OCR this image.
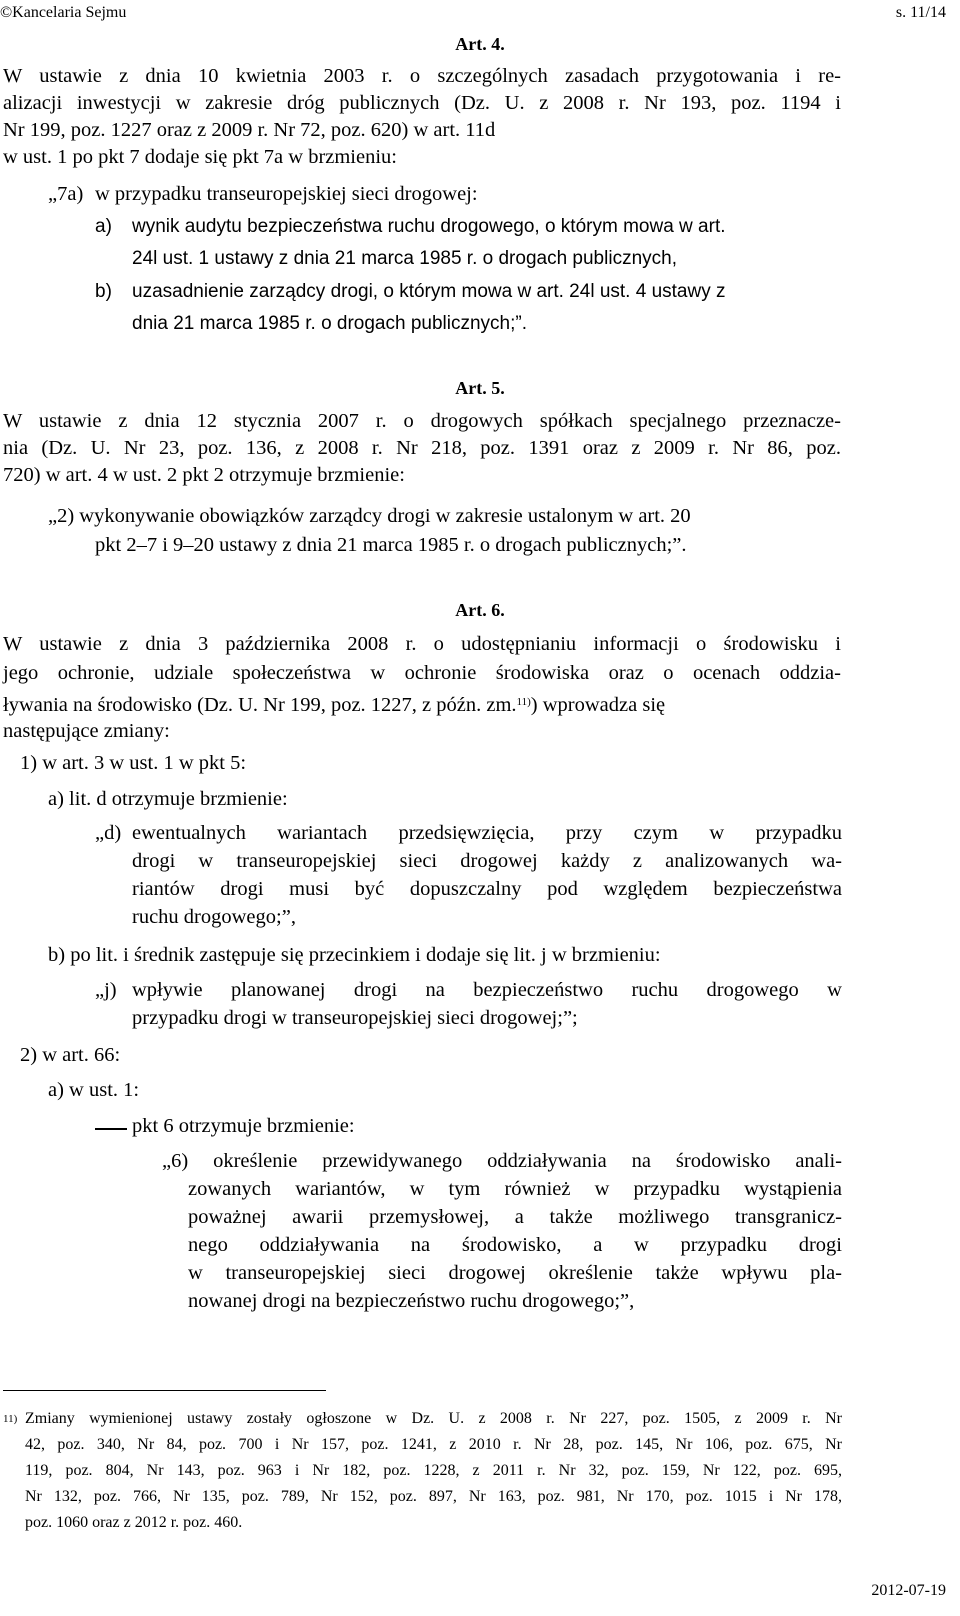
©Kancelaria Sejmu	s. 11/14
Art. 4.
W ustawie z dnia 10 kwietnia 2003 r. o szczególnych zasadach przygotowania i re-
alizacji inwestycji w zakresie dróg publicznych (Dz. U. z 2008 r. Nr 193, poz. 1194 i
Nr 199, poz. 1227 oraz z 2009 r. Nr 72, poz. 620) w art. 11d
w ust. 1 po pkt 7 dodaje się pkt 7a w brzmieniu:
„7a) w przypadku transeuropejskiej sieci drogowej:
a) wynik audytu bezpieczeństwa ruchu drogowego, o którym mowa w art.
24l ust. 1 ustawy z dnia 21 marca 1985 r. o drogach publicznych,
b) uzasadnienie zarządcy drogi, o którym mowa w art. 24l ust. 4 ustawy z
dnia 21 marca 1985 r. o drogach publicznych;”.
Art. 5.
W ustawie z dnia 12 stycznia 2007 r. o drogowych spółkach specjalnego przeznacze-
nia (Dz. U. Nr 23, poz. 136, z 2008 r. Nr 218, poz. 1391 oraz z 2009 r. Nr 86, poz.
720) w art. 4 w ust. 2 pkt 2 otrzymuje brzmienie:
„2) wykonywanie obowiązków zarządcy drogi w zakresie ustalonym w art. 20
pkt 2–7 i 9–20 ustawy z dnia 21 marca 1985 r. o drogach publicznych;”.
Art. 6.
W ustawie z dnia 3 października 2008 r. o udostępnianiu informacji o środowisku i
jego ochronie, udziale społeczeństwa w ochronie środowiska oraz o ocenach oddzia-
ływania na środowisko (Dz. U. Nr 199, poz. 1227, z późn. zm.$^{11)}$) wprowadza się
następujące zmiany:
1) w art. 3 w ust. 1 w pkt 5:
a) lit. d otrzymuje brzmienie:
„d) ewentualnych wariantach przedsięwzięcia, przy czym w przypadku
drogi w transeuropejskiej sieci drogowej każdy z analizowanych wa-
riantów drogi musi być dopuszczalny pod względem bezpieczeństwa
ruchu drogowego;”,
b) po lit. i średnik zastępuje się przecinkiem i dodaje się lit. j w brzmieniu:
„j) wpływie planowanej drogi na bezpieczeństwo ruchu drogowego w
przypadku drogi w transeuropejskiej sieci drogowej;”;
2) w art. 66:
a) w ust. 1:
pkt 6 otrzymuje brzmienie:
„6) określenie przewidywanego oddziaływania na środowisko anali-
zowanych wariantów, w tym również w przypadku wystąpienia
poważnej awarii przemysłowej, a także możliwego transgranicz-
nego oddziaływania na środowisko, a w przypadku drogi
w transeuropejskiej sieci drogowej określenie także wpływu pla-
nowanej drogi na bezpieczeństwo ruchu drogowego;”,
$^{11)}$ Zmiany wymienionej ustawy zostały ogłoszone w Dz. U. z 2008 r. Nr 227, poz. 1505, z 2009 r. Nr
42, poz. 340, Nr 84, poz. 700 i Nr 157, poz. 1241, z 2010 r. Nr 28, poz. 145, Nr 106, poz. 675, Nr
119, poz. 804, Nr 143, poz. 963 i Nr 182, poz. 1228, z 2011 r. Nr 32, poz. 159, Nr 122, poz. 695,
Nr 132, poz. 766, Nr 135, poz. 789, Nr 152, poz. 897, Nr 163, poz. 981, Nr 170, poz. 1015 i Nr 178,
poz. 1060 oraz z 2012 r. poz. 460.
2012-07-19
